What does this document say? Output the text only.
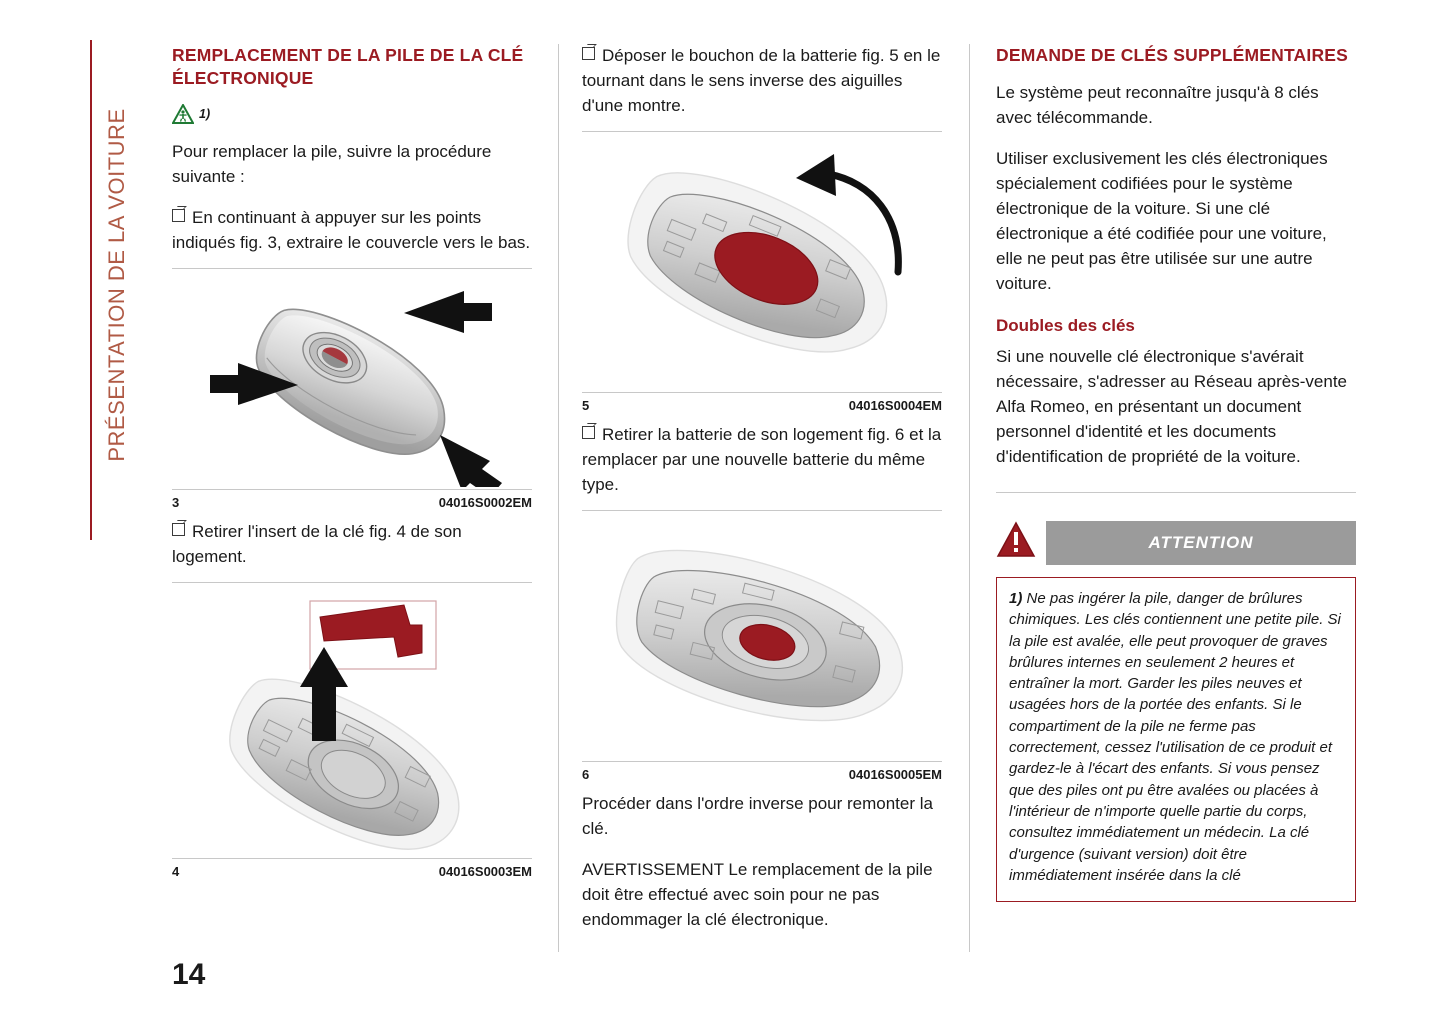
PRÉSENTATION DE LA VOITURE
14
REMPLACEMENT DE LA PILE DE LA CLÉ ÉLECTRONIQUE
1)

Pour remplacer la pile, suivre la procédure suivante :

En continuant à appuyer sur les points indiqués fig. 3, extraire le couvercle vers le bas.

3	04016S0002EM

Retirer l'insert de la clé fig. 4 de son logement.

4	04016S0003EM

Déposer le bouchon de la batterie fig. 5 en le tournant dans le sens inverse des aiguilles d'une montre.

5	04016S0004EM

Retirer la batterie de son logement fig. 6 et la remplacer par une nouvelle batterie du même type.

6	04016S0005EM

Procéder dans l'ordre inverse pour remonter la clé.

AVERTISSEMENT Le remplacement de la pile doit être effectué avec soin pour ne pas endommager la clé électronique.

DEMANDE DE CLÉS SUPPLÉMENTAIRES

Le système peut reconnaître jusqu'à 8 clés avec télécommande.

Utiliser exclusivement les clés électroniques spécialement codifiées pour le système électronique de la voiture. Si une clé électronique a été codifiée pour une voiture, elle ne peut pas être utilisée sur une autre voiture.

Doubles des clés

Si une nouvelle clé électronique s'avérait nécessaire, s'adresser au Réseau après-vente Alfa Romeo, en présentant un document personnel d'identité et les documents d'identification de propriété de la voiture.

ATTENTION

1) Ne pas ingérer la pile, danger de brûlures chimiques. Les clés contiennent une petite pile. Si la pile est avalée, elle peut provoquer de graves brûlures internes en seulement 2 heures et entraîner la mort. Garder les piles neuves et usagées hors de la portée des enfants. Si le compartiment de la pile ne ferme pas correctement, cessez l'utilisation de ce produit et gardez-le à l'écart des enfants. Si vous pensez que des piles ont pu être avalées ou placées à l'intérieur de n'importe quelle partie du corps, consultez immédiatement un médecin. La clé d'urgence (suivant version) doit être immédiatement insérée dans la clé
